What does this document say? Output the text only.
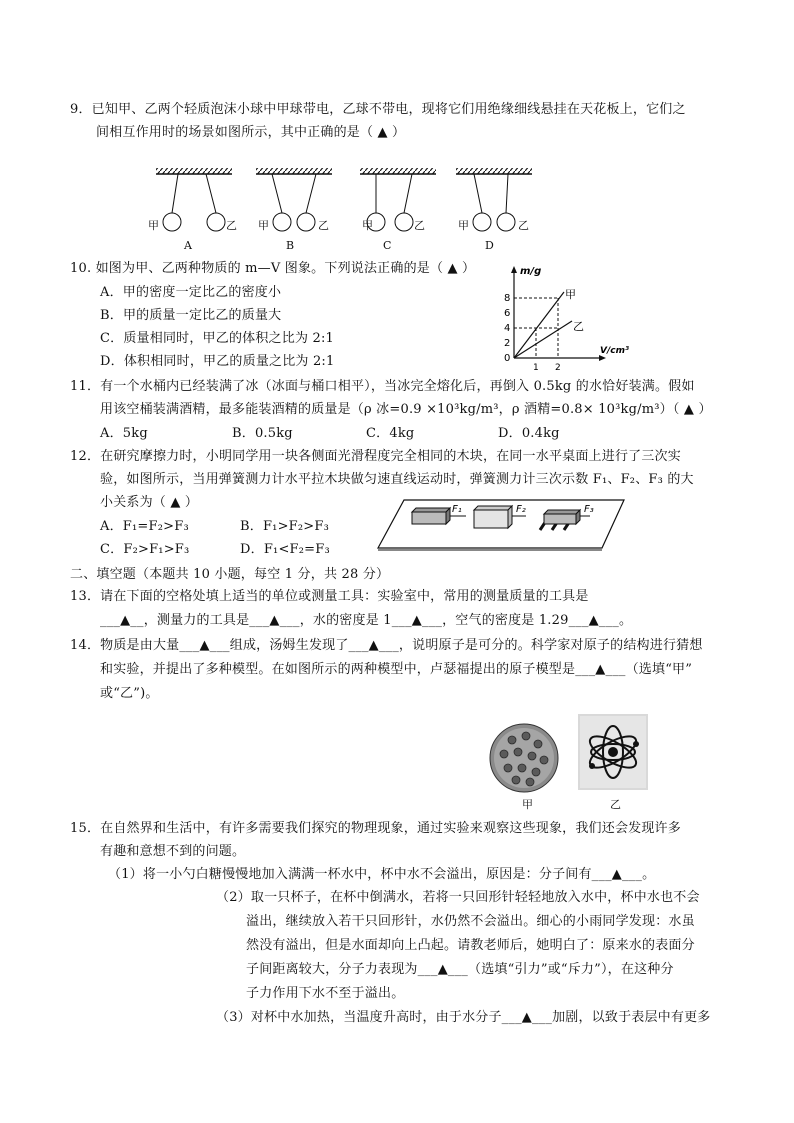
9．已知甲、乙两个轻质泡沫小球中甲球带电，乙球不带电，现将它们用绝缘细线悬挂在天花板上，它们之
间相互作用时的场景如图所示，其中正确的是（ ▲ ）
甲	乙 甲	乙	甲	乙	甲	乙
A	B	C	D
10. 如图为甲、乙两种物质的 m—V 图象。下列说法正确的是（ ▲ ）
A．甲的密度一定比乙的密度小
B．甲的质量一定比乙的质量大
C．质量相同时，甲乙的体积之比为 2:1
D．体积相同时，甲乙的质量之比为 2:1
8
6
4
2
0
1 2
m/g
V/cm³
甲
乙
11．有一个水桶内已经装满了冰（冰面与桶口相平），当冰完全熔化后，再倒入 0.5kg 的水恰好装满。假如
用该空桶装满酒精，最多能装酒精的质量是（ρ 冰=0.9 ×10³kg/m³，ρ 酒精=0.8× 10³kg/m³）（ ▲ ）
A．5kg	B．0.5kg	C．4kg	D．0.4kg
12．在研究摩擦力时，小明同学用一块各侧面光滑程度完全相同的木块，在同一水平桌面上进行了三次实
验，如图所示，当用弹簧测力计水平拉木块做匀速直线运动时，弹簧测力计三次示数 F₁、F₂、F₃ 的大
小关系为（ ▲ ）
A．F₁=F₂>F₃	B．F₁>F₂>F₃
C．F₂>F₁>F₃	D．F₁<F₂=F₃
F₁	F₂	F₃
二、填空题（本题共 10 小题，每空 1 分，共 28 分）
13．请在下面的空格处填上适当的单位或测量工具：实验室中，常用的测量质量的工具是
___▲__，测量力的工具是___▲___，水的密度是 1___▲___，空气的密度是 1.29___▲___。
14．物质是由大量___▲___组成，汤姆生发现了___▲___，说明原子是可分的。科学家对原子的结构进行猜想
和实验，并提出了多种模型。在如图所示的两种模型中，卢瑟福提出的原子模型是___▲___（选填“甲”
或“乙”)。
甲	乙
15．在自然界和生活中，有许多需要我们探究的物理现象，通过实验来观察这些现象，我们还会发现许多
有趣和意想不到的问题。
（1）将一小勺白糖慢慢地加入满满一杯水中，杯中水不会溢出，原因是：分子间有___▲___。
（2）取一只杯子，在杯中倒满水，若将一只回形针轻轻地放入水中，杯中水也不会
溢出，继续放入若干只回形针，水仍然不会溢出。细心的小雨同学发现：水虽
然没有溢出，但是水面却向上凸起。请教老师后，她明白了：原来水的表面分
子间距离较大，分子力表现为___▲___（选填“引力”或“斥力”），在这种分
子力作用下水不至于溢出。
（3）对杯中水加热，当温度升高时，由于水分子___▲___加剧，以致于表层中有更多
